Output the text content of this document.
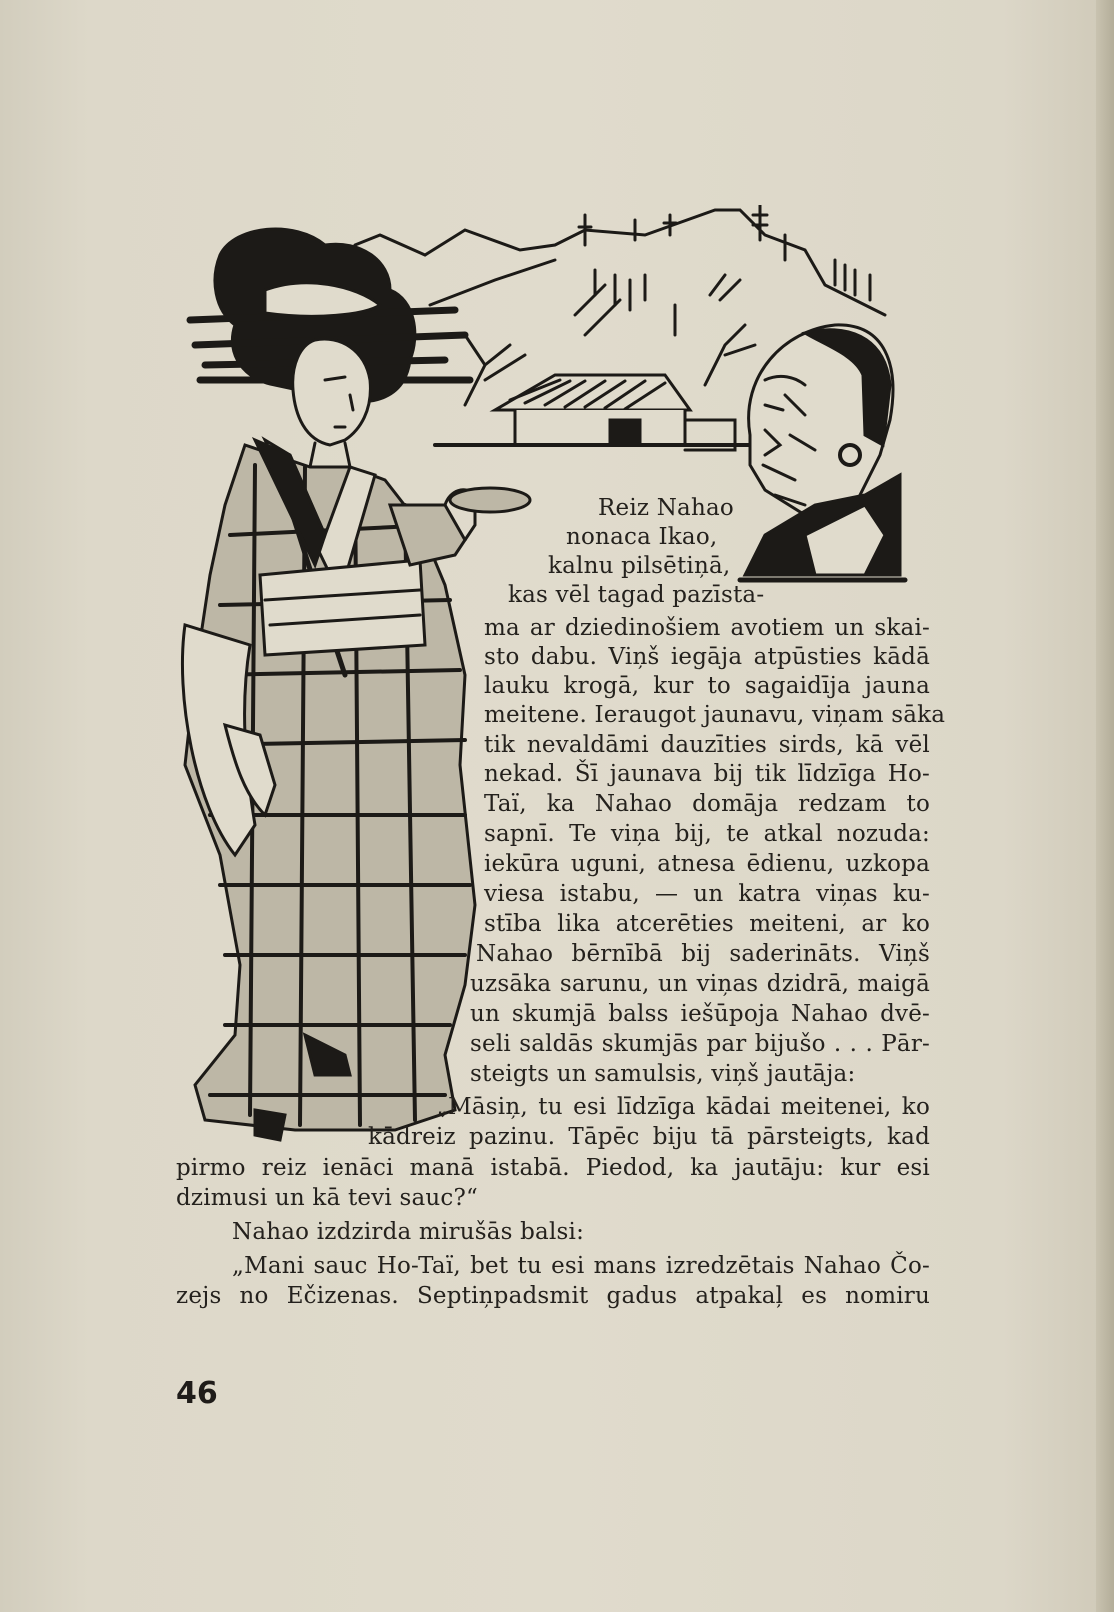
Reiz Nahao

nonaca Ikao,

kalnu pilsētiņā,

kas vēl tagad pazīsta-

ma ar dziedinošiem avotiem un skai-

sto dabu. Viņš iegāja atpūsties kādā

lauku krogā, kur to sagaidīja jauna

meitene. Ieraugot jaunavu, viņam sāka

tik nevaldāmi dauzīties sirds, kā vēl

nekad. Šī jaunava bij tik līdzīga Ho-

Taï, ka Nahao domāja redzam to

sapnī. Te viņa bij, te atkal nozuda:

iekūra uguni, atnesa ēdienu, uzkopa

viesa istabu, — un katra viņas ku-

stība lika atcerēties meiteni, ar ko

Nahao bērnībā bij saderināts. Viņš

uzsāka sarunu, un viņas dzidrā, maigā

un skumjā balss iešūpoja Nahao dvē-

seli saldās skumjās par bijušo . . . Pār-

steigts un samulsis, viņš jautāja:

„Māsiņ, tu esi līdzīga kādai meitenei, ko

kādreiz pazinu. Tāpēc biju tā pārsteigts, kad

pirmo reiz ienāci manā istabā. Piedod, ka jautāju: kur esi

dzimusi un kā tevi sauc?“

Nahao izdzirda mirušās balsi:

„Mani sauc Ho-Taï, bet tu esi mans izredzētais Nahao Čo-

zejs no Ečizenas. Septiņpadsmit gadus atpakaļ es nomiru

46
